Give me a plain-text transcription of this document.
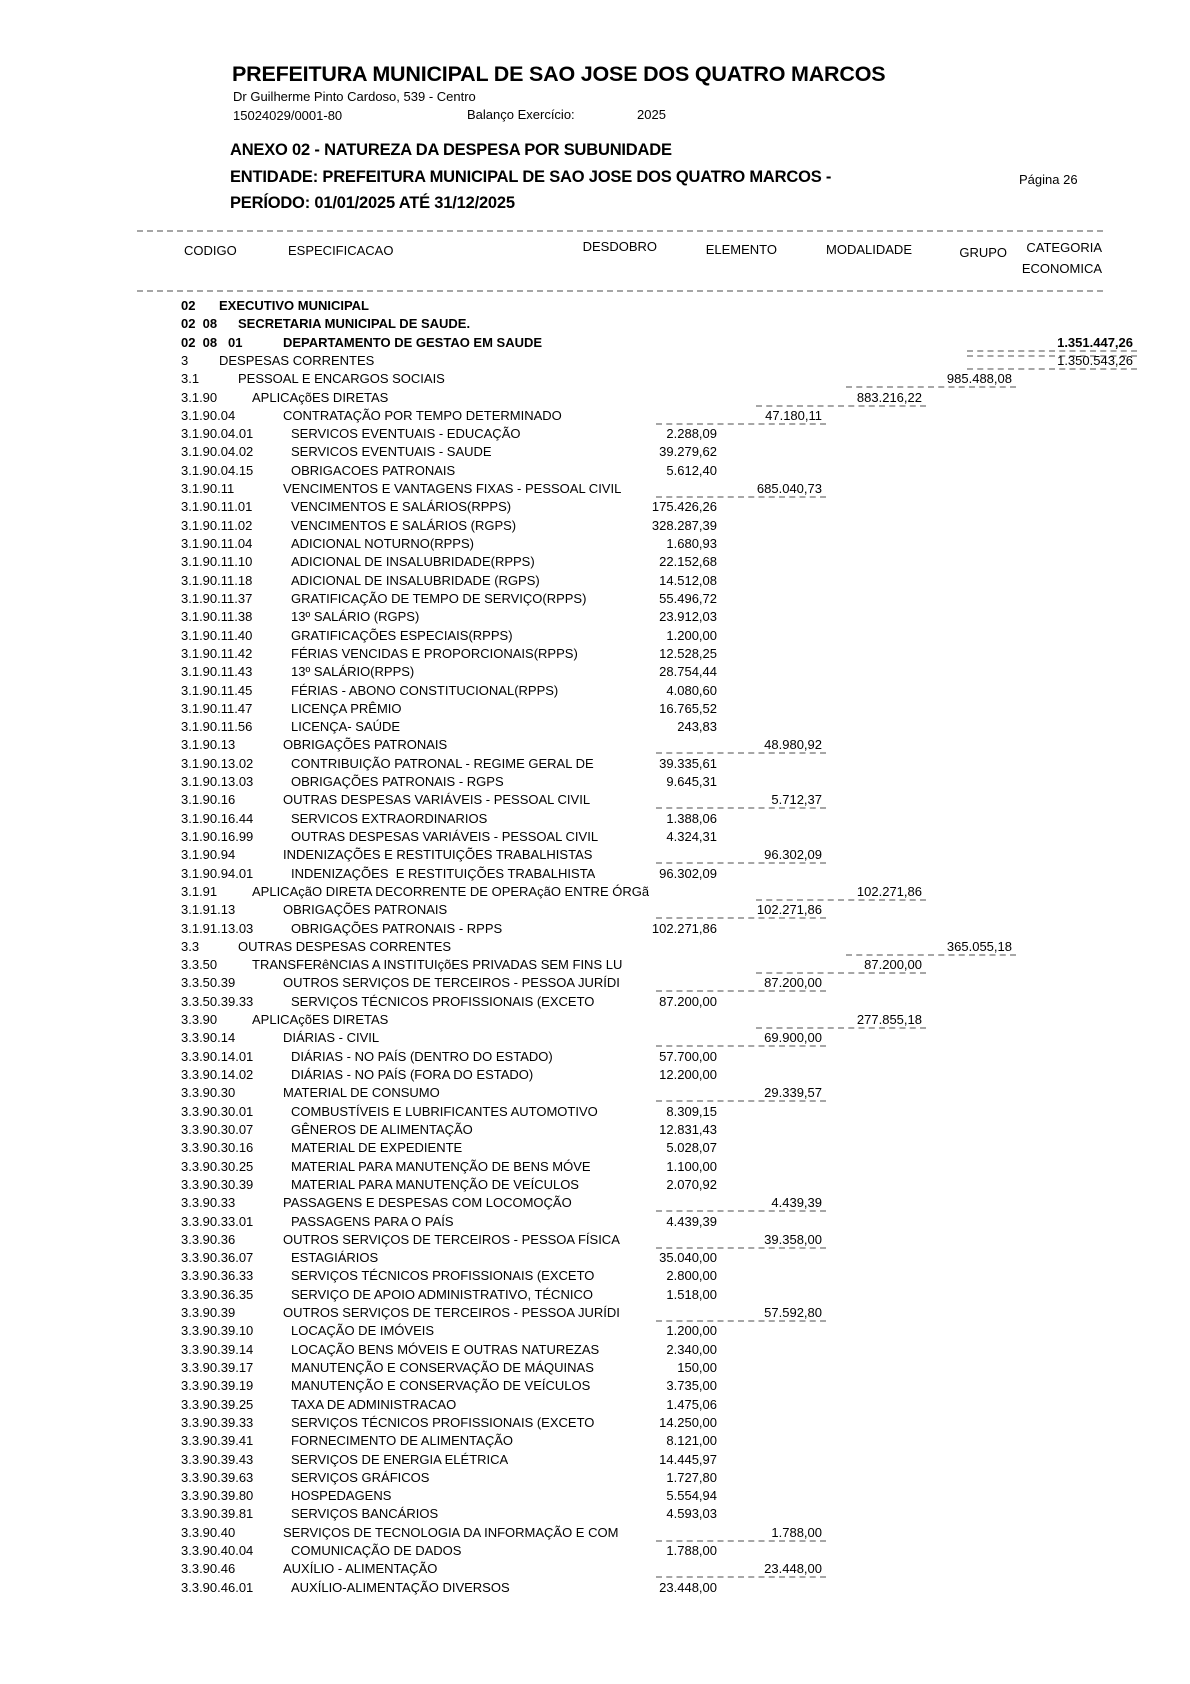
PREFEITURA MUNICIPAL DE SAO JOSE DOS QUATRO MARCOS
Dr Guilherme Pinto Cardoso, 539 - Centro
15024029/0001-80	Balanço Exercício:	2025
ANEXO 02 - NATUREZA DA DESPESA POR SUBUNIDADE
ENTIDADE: PREFEITURA MUNICIPAL DE SAO JOSE DOS QUATRO MARCOS -	Página 26
PERÍODO: 01/01/2025 ATÉ 31/12/2025
CODIGO	ESPECIFICACAO	DESDOBRO	ELEMENTO	MODALIDADE	GRUPO	CATEGORIA
ECONOMICA
02 EXECUTIVO MUNICIPAL
02  08 SECRETARIA MUNICIPAL DE SAUDE.
02  08   01	DEPARTAMENTO DE GESTAO EM SAUDE	1.351.447,26
3 DESPESAS CORRENTES	1.350.543,26
3.1	PESSOAL E ENCARGOS SOCIAIS	985.488,08
3.1.90	APLICAçõES DIRETAS	883.216,22
3.1.90.04	CONTRATAÇÃO POR TEMPO DETERMINADO	47.180,11
3.1.90.04.01	SERVICOS EVENTUAIS - EDUCAÇÃO	2.288,09
3.1.90.04.02	SERVICOS EVENTUAIS - SAUDE	39.279,62
3.1.90.04.15	OBRIGACOES PATRONAIS	5.612,40
3.1.90.11	VENCIMENTOS E VANTAGENS FIXAS - PESSOAL CIVIL	685.040,73
3.1.90.11.01	VENCIMENTOS E SALÁRIOS(RPPS)	175.426,26
3.1.90.11.02	VENCIMENTOS E SALÁRIOS (RGPS)	328.287,39
3.1.90.11.04	ADICIONAL NOTURNO(RPPS)	1.680,93
3.1.90.11.10	ADICIONAL DE INSALUBRIDADE(RPPS)	22.152,68
3.1.90.11.18	ADICIONAL DE INSALUBRIDADE (RGPS)	14.512,08
3.1.90.11.37	GRATIFICAÇÃO DE TEMPO DE SERVIÇO(RPPS)	55.496,72
3.1.90.11.38	13º SALÁRIO (RGPS)	23.912,03
3.1.90.11.40	GRATIFICAÇÕES ESPECIAIS(RPPS)	1.200,00
3.1.90.11.42	FÉRIAS VENCIDAS E PROPORCIONAIS(RPPS)	12.528,25
3.1.90.11.43	13º SALÁRIO(RPPS)	28.754,44
3.1.90.11.45	FÉRIAS - ABONO CONSTITUCIONAL(RPPS)	4.080,60
3.1.90.11.47	LICENÇA PRÊMIO	16.765,52
3.1.90.11.56	LICENÇA- SAÚDE	243,83
3.1.90.13	OBRIGAÇÕES PATRONAIS	48.980,92
3.1.90.13.02	CONTRIBUIÇÃO PATRONAL - REGIME GERAL DE	39.335,61
3.1.90.13.03	OBRIGAÇÕES PATRONAIS - RGPS	9.645,31
3.1.90.16	OUTRAS DESPESAS VARIÁVEIS - PESSOAL CIVIL	5.712,37
3.1.90.16.44	SERVICOS EXTRAORDINARIOS	1.388,06
3.1.90.16.99	OUTRAS DESPESAS VARIÁVEIS - PESSOAL CIVIL	4.324,31
3.1.90.94	INDENIZAÇÕES E RESTITUIÇÕES TRABALHISTAS	96.302,09
3.1.90.94.01	INDENIZAÇÕES  E RESTITUIÇÕES TRABALHISTA	96.302,09
3.1.91	APLICAçãO DIRETA DECORRENTE DE OPERAçãO ENTRE ÓRGã	102.271,86
3.1.91.13	OBRIGAÇÕES PATRONAIS	102.271,86
3.1.91.13.03	OBRIGAÇÕES PATRONAIS - RPPS	102.271,86
3.3	OUTRAS DESPESAS CORRENTES	365.055,18
3.3.50	TRANSFERêNCIAS A INSTITUIçõES PRIVADAS SEM FINS LU	87.200,00
3.3.50.39	OUTROS SERVIÇOS DE TERCEIROS - PESSOA JURÍDI	87.200,00
3.3.50.39.33	SERVIÇOS TÉCNICOS PROFISSIONAIS (EXCETO	87.200,00
3.3.90	APLICAçõES DIRETAS	277.855,18
3.3.90.14	DIÁRIAS - CIVIL	69.900,00
3.3.90.14.01	DIÁRIAS - NO PAÍS (DENTRO DO ESTADO)	57.700,00
3.3.90.14.02	DIÁRIAS - NO PAÍS (FORA DO ESTADO)	12.200,00
3.3.90.30	MATERIAL DE CONSUMO	29.339,57
3.3.90.30.01	COMBUSTÍVEIS E LUBRIFICANTES AUTOMOTIVO	8.309,15
3.3.90.30.07	GÊNEROS DE ALIMENTAÇÃO	12.831,43
3.3.90.30.16	MATERIAL DE EXPEDIENTE	5.028,07
3.3.90.30.25	MATERIAL PARA MANUTENÇÃO DE BENS MÓVE	1.100,00
3.3.90.30.39	MATERIAL PARA MANUTENÇÃO DE VEÍCULOS	2.070,92
3.3.90.33	PASSAGENS E DESPESAS COM LOCOMOÇÃO	4.439,39
3.3.90.33.01	PASSAGENS PARA O PAÍS	4.439,39
3.3.90.36	OUTROS SERVIÇOS DE TERCEIROS - PESSOA FÍSICA	39.358,00
3.3.90.36.07	ESTAGIÁRIOS	35.040,00
3.3.90.36.33	SERVIÇOS TÉCNICOS PROFISSIONAIS (EXCETO	2.800,00
3.3.90.36.35	SERVIÇO DE APOIO ADMINISTRATIVO, TÉCNICO	1.518,00
3.3.90.39	OUTROS SERVIÇOS DE TERCEIROS - PESSOA JURÍDI	57.592,80
3.3.90.39.10	LOCAÇÃO DE IMÓVEIS	1.200,00
3.3.90.39.14	LOCAÇÃO BENS MÓVEIS E OUTRAS NATUREZAS	2.340,00
3.3.90.39.17	MANUTENÇÃO E CONSERVAÇÃO DE MÁQUINAS	150,00
3.3.90.39.19	MANUTENÇÃO E CONSERVAÇÃO DE VEÍCULOS	3.735,00
3.3.90.39.25	TAXA DE ADMINISTRACAO	1.475,06
3.3.90.39.33	SERVIÇOS TÉCNICOS PROFISSIONAIS (EXCETO	14.250,00
3.3.90.39.41	FORNECIMENTO DE ALIMENTAÇÃO	8.121,00
3.3.90.39.43	SERVIÇOS DE ENERGIA ELÉTRICA	14.445,97
3.3.90.39.63	SERVIÇOS GRÁFICOS	1.727,80
3.3.90.39.80	HOSPEDAGENS	5.554,94
3.3.90.39.81	SERVIÇOS BANCÁRIOS	4.593,03
3.3.90.40	SERVIÇOS DE TECNOLOGIA DA INFORMAÇÃO E COM	1.788,00
3.3.90.40.04	COMUNICAÇÃO DE DADOS	1.788,00
3.3.90.46	AUXÍLIO - ALIMENTAÇÃO	23.448,00
3.3.90.46.01	AUXÍLIO-ALIMENTAÇÃO DIVERSOS	23.448,00
